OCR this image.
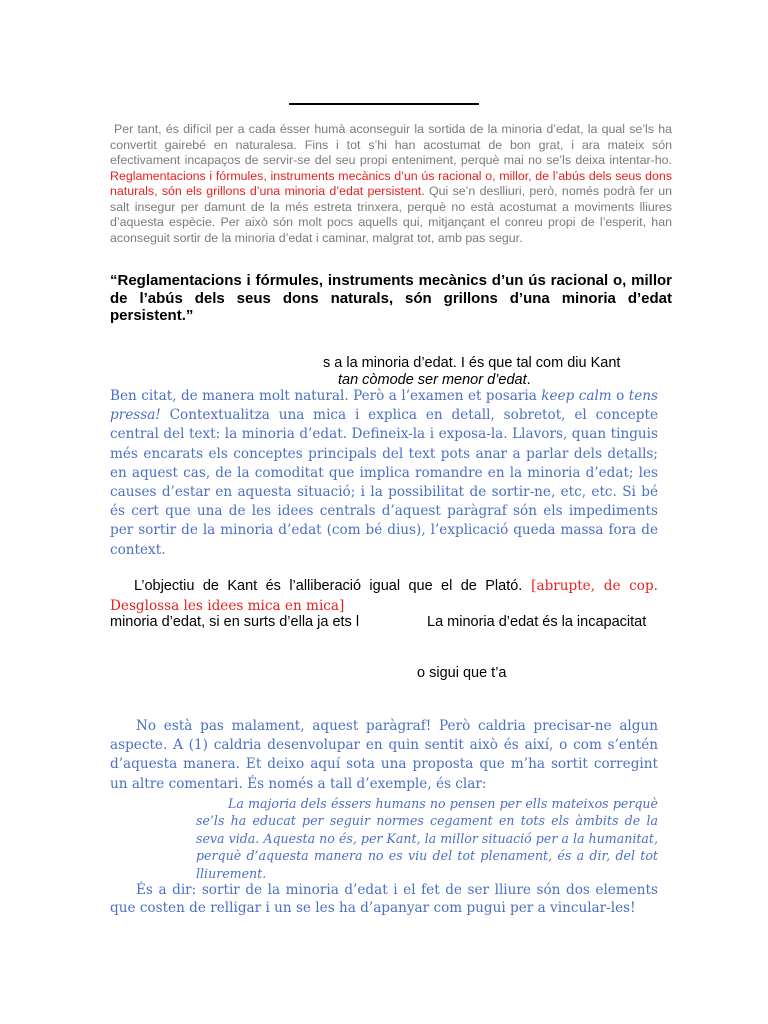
Per tant, és difícil per a cada ésser humà aconseguir la sortida de la minoria d’edat, la qual se’ls ha convertit gairebé en naturalesa. Fins i tot s’hi han acostumat de bon grat, i ara mateix són efectivament incapaços de servir-se del seu propi enteniment, perquè mai no se’ls deixa intentar-ho. Reglamentacions i fórmules, instruments mecànics d’un ús racional o, millor, de l’abús dels seus dons naturals, són els grillons d’una minoria d’edat persistent. Qui se’n deslliuri, però, només podrà fer un salt insegur per damunt de la més estreta trinxera, perquè no està acostumat a moviments lliures d’aquesta espècie. Per això són molt pocs aquells qui, mitjançant el conreu propi de l’esperit, han aconseguit sortir de la minoria d’edat i caminar, malgrat tot, amb pas segur.
“Reglamentacions i fórmules, instruments mecànics d’un ús racional o, millor de l’abús dels seus dons naturals, són grillons d’una minoria d’edat persistent.”
s a la minoria d’edat. I és que tal com diu Kant
tan còmode ser menor d’edat.
Ben citat, de manera molt natural. Però a l’examen et posaria keep calm o tens pressa! Contextualitza una mica i explica en detall, sobretot, el concepte central del text: la minoria d’edat. Defineix-la i exposa-la. Llavors, quan tinguis més encarats els conceptes principals del text pots anar a parlar dels detalls; en aquest cas, de la comoditat que implica romandre en la minoria d’edat; les causes d’estar en aquesta situació; i la possibilitat de sortir-ne, etc, etc. Si bé és cert que una de les idees centrals d’aquest paràgraf són els impediments per sortir de la minoria d’edat (com bé dius), l’explicació queda massa fora de context.
L’objectiu de Kant és l’alliberació igual que el de Plató. [abrupte, de cop. Desglossa les idees mica en mica]
minoria d’edat, si en surts d’ella ja ets l	La minoria d’edat és la incapacitat
o sigui que t’a
No està pas malament, aquest paràgraf! Però caldria precisar-ne algun aspecte. A (1) caldria desenvolupar en quin sentit això és així, o com s’entén d’aquesta manera. Et deixo aquí sota una proposta que m’ha sortit corregint un altre comentari. És només a tall d’exemple, és clar:
La majoria dels éssers humans no pensen per ells mateixos perquè se’ls ha educat per seguir normes cegament en tots els àmbits de la seva vida. Aquesta no és, per Kant, la millor situació per a la humanitat, perquè d’aquesta manera no es viu del tot plenament, és a dir, del tot lliurement.
És a dir: sortir de la minoria d’edat i el fet de ser lliure són dos elements que costen de relligar i un se les ha d’apanyar com pugui per a vincular-les!
